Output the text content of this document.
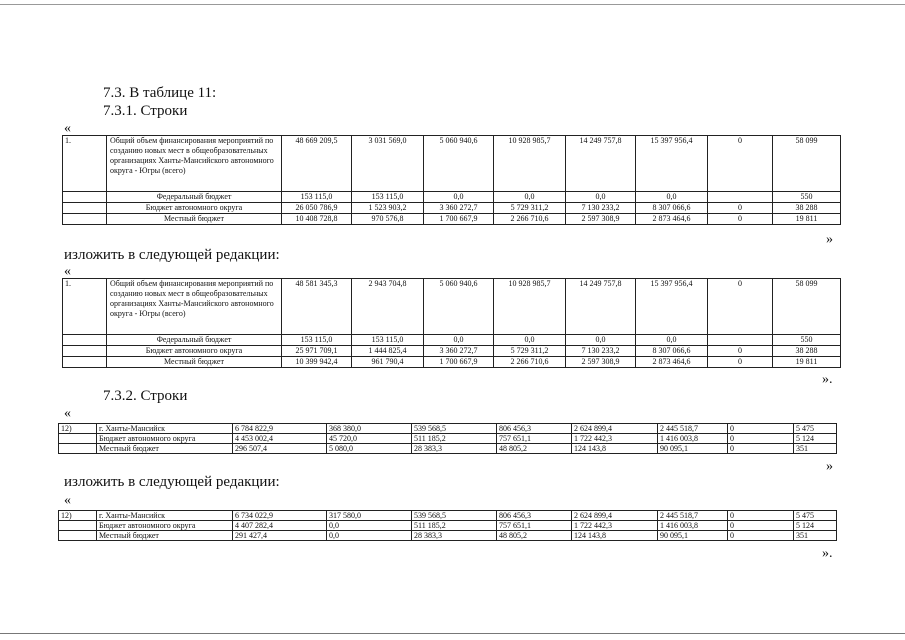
7.3. В таблице 11:
7.3.1. Строки
«
1.	Общий объем финансирования мероприятий по созданию новых мест в общеобразовательных организациях Ханты-Мансийского автономного округа - Югры (всего)	48 669 209,5	3 031 569,0	5 060 940,6	10 928 985,7	14 249 757,8	15 397 956,4	0	58 099
	Федеральный бюджет	153 115,0	153 115,0	0,0	0,0	0,0	0,0		550
	Бюджет автономного округа	26 050 786,9	1 523 903,2	3 360 272,7	5 729 311,2	7 130 233,2	8 307 066,6	0	38 288
	Местный бюджет	10 408 728,8	970 576,8	1 700 667,9	2 266 710,6	2 597 308,9	2 873 464,6	0	19 811
»
изложить в следующей редакции:
«
1.	Общий объем финансирования мероприятий по созданию новых мест в общеобразовательных организациях Ханты-Мансийского автономного округа - Югры (всего)	48 581 345,3	2 943 704,8	5 060 940,6	10 928 985,7	14 249 757,8	15 397 956,4	0	58 099
	Федеральный бюджет	153 115,0	153 115,0	0,0	0,0	0,0	0,0		550
	Бюджет автономного округа	25 971 709,1	1 444 825,4	3 360 272,7	5 729 311,2	7 130 233,2	8 307 066,6	0	38 288
	Местный бюджет	10 399 942,4	961 790,4	1 700 667,9	2 266 710,6	2 597 308,9	2 873 464,6	0	19 811
».
7.3.2. Строки
«
12)	г. Ханты-Мансийск	6 784 822,9	368 380,0	539 568,5	806 456,3	2 624 899,4	2 445 518,7	0	5 475
	Бюджет автономного округа	4 453 002,4	45 720,0	511 185,2	757 651,1	1 722 442,3	1 416 003,8	0	5 124
	Местный бюджет	296 507,4	5 080,0	28 383,3	48 805,2	124 143,8	90 095,1	0	351
»
изложить в следующей редакции:
«
12)	г. Ханты-Мансийск	6 734 022,9	317 580,0	539 568,5	806 456,3	2 624 899,4	2 445 518,7	0	5 475
	Бюджет автономного округа	4 407 282,4	0,0	511 185,2	757 651,1	1 722 442,3	1 416 003,8	0	5 124
	Местный бюджет	291 427,4	0,0	28 383,3	48 805,2	124 143,8	90 095,1	0	351
».
